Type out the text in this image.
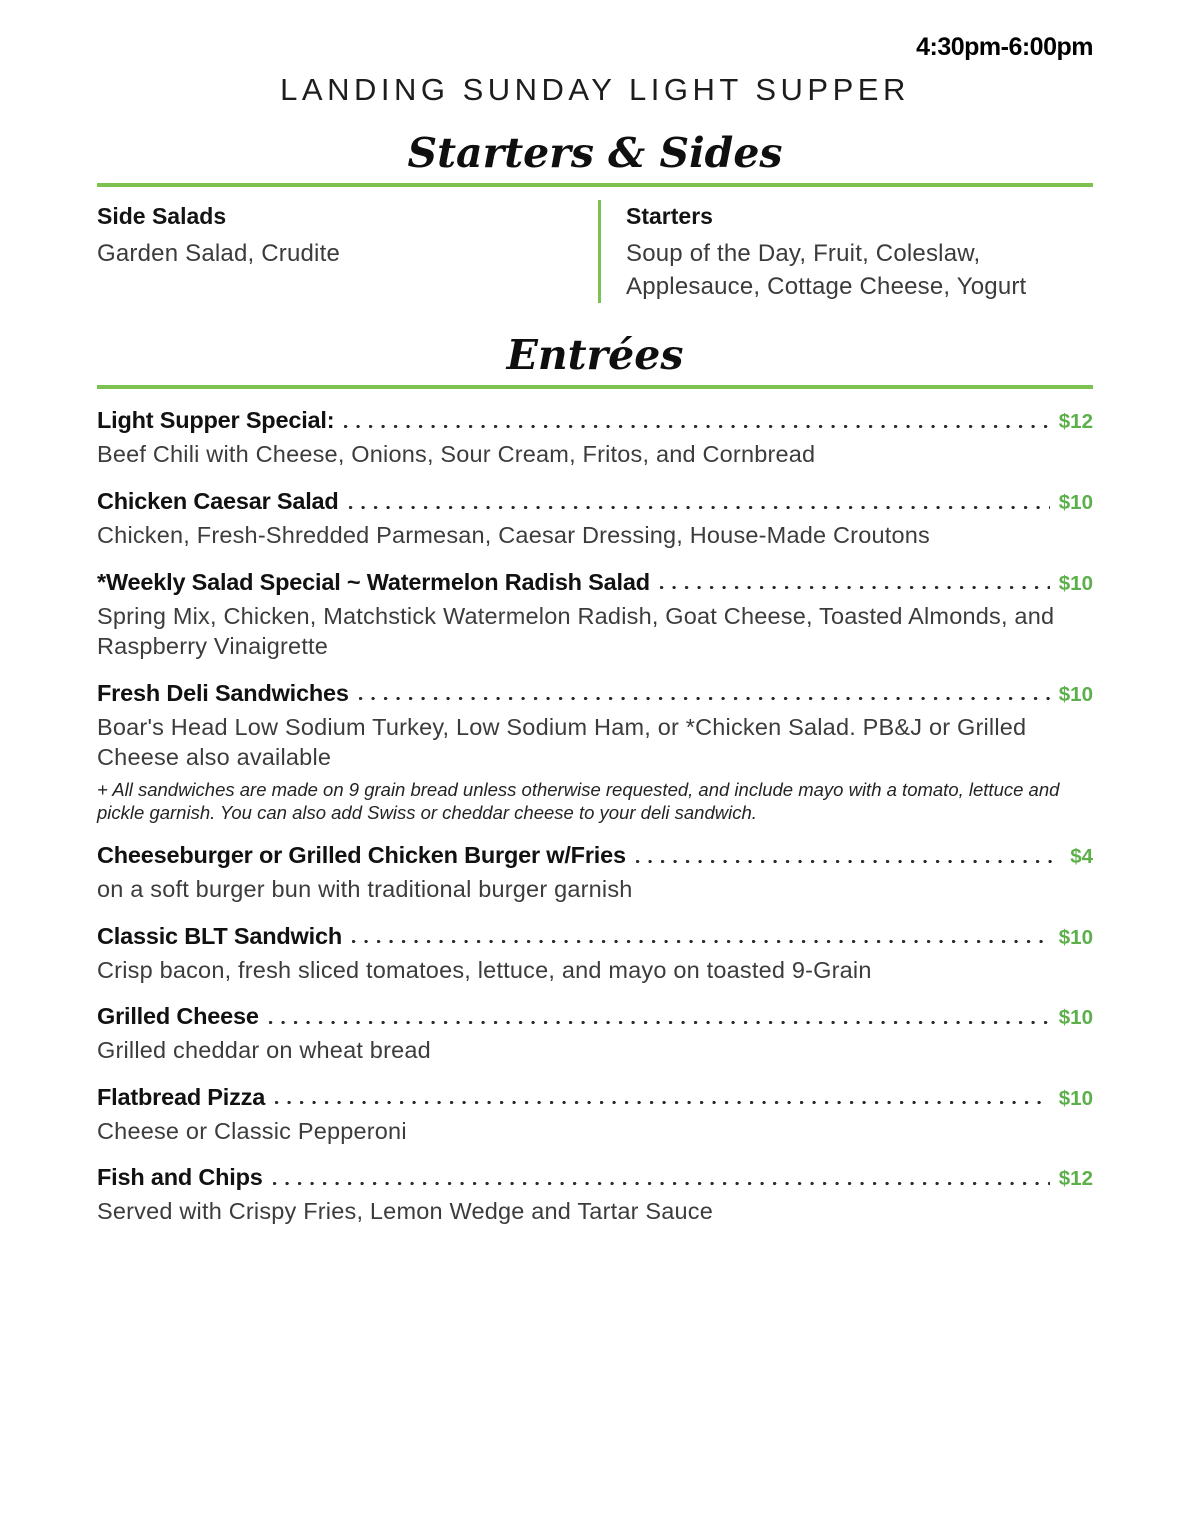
4:30pm-6:00pm
LANDING SUNDAY LIGHT SUPPER
Starters & Sides
Side Salads
Garden Salad, Crudite
Starters
Soup of the Day, Fruit, Coleslaw, Applesauce, Cottage Cheese, Yogurt
Entrées
Light Supper Special:	$12
Beef Chili with Cheese, Onions, Sour Cream, Fritos, and Cornbread
Chicken Caesar Salad	$10
Chicken, Fresh-Shredded Parmesan, Caesar Dressing, House-Made Croutons
*Weekly Salad Special ~ Watermelon Radish Salad	$10
Spring Mix, Chicken, Matchstick Watermelon Radish, Goat Cheese, Toasted Almonds, and Raspberry Vinaigrette
Fresh Deli Sandwiches	$10
Boar's Head Low Sodium Turkey, Low Sodium Ham, or *Chicken Salad. PB&J or Grilled Cheese also available
+ All sandwiches are made on 9 grain bread unless otherwise requested, and include mayo with a tomato, lettuce and pickle garnish. You can also add Swiss or cheddar cheese to your deli sandwich.
Cheeseburger or Grilled Chicken Burger w/Fries	$4
on a soft burger bun with traditional burger garnish
Classic BLT Sandwich	$10
Crisp bacon, fresh sliced tomatoes, lettuce, and mayo on toasted 9-Grain
Grilled Cheese	$10
Grilled cheddar on wheat bread
Flatbread Pizza	$10
Cheese or Classic Pepperoni
Fish and Chips	$12
Served with Crispy Fries, Lemon Wedge and Tartar Sauce
